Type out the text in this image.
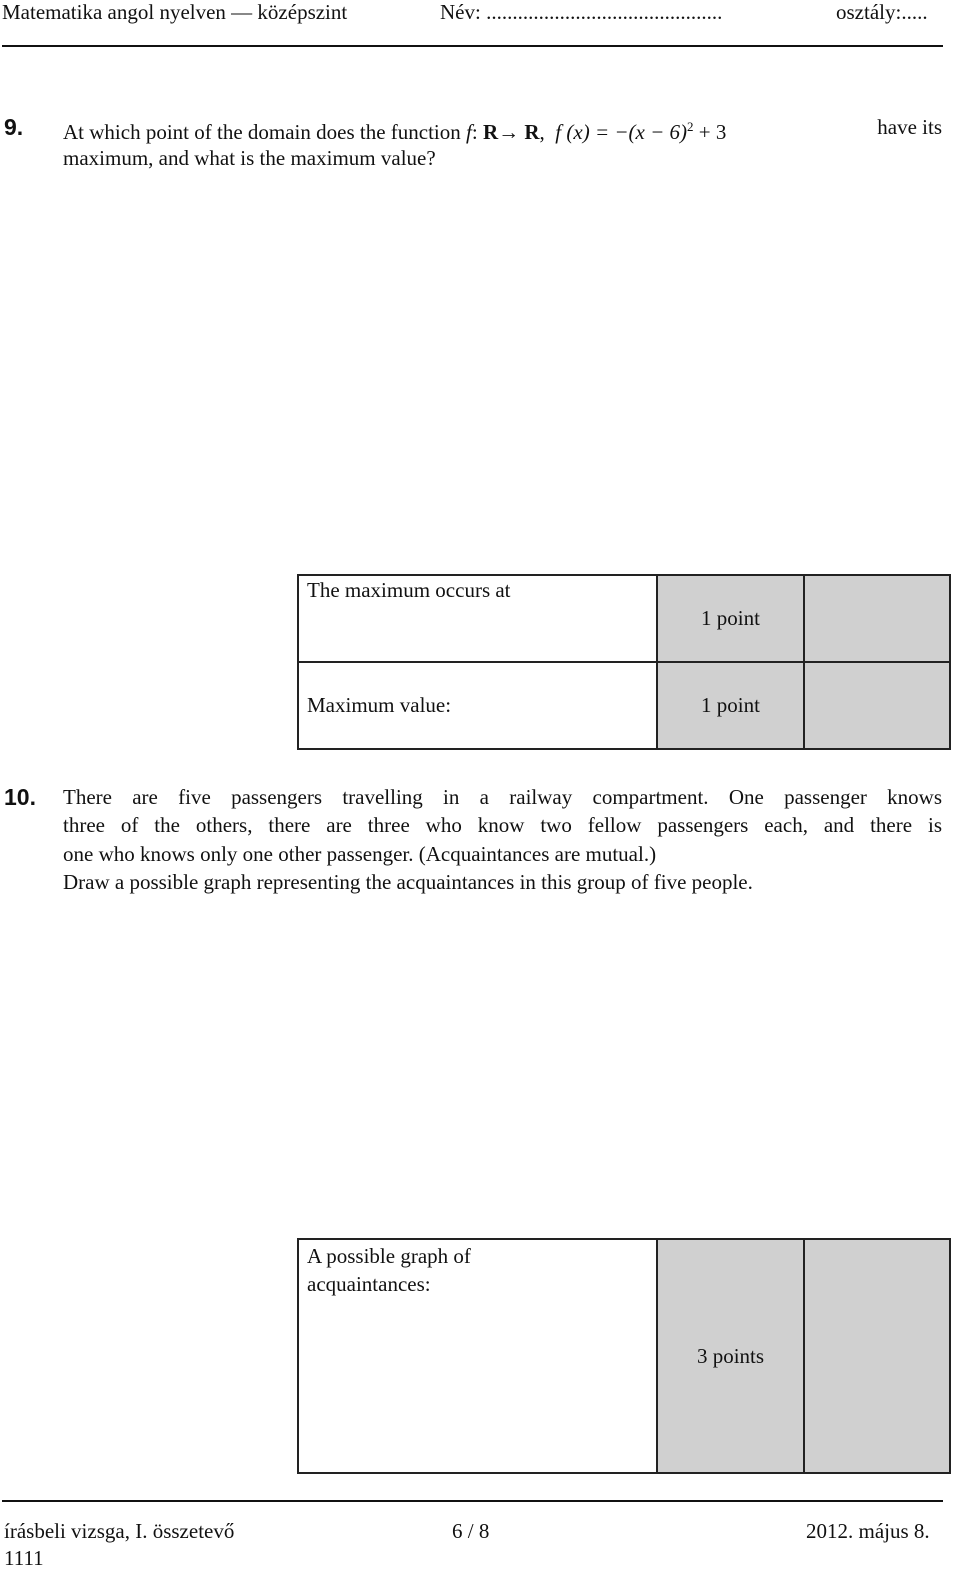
Matematika angol nyelven — középszint	Név: .............................................	osztály:.....
9. At which point of the domain does the function f: R→ R,  f $(x) = -(x - 6)^2 + 3$	have its
maximum, and what is the maximum value?
The maximum occurs at	1 point	

Maximum value:	1 point	
10. There are five passengers travelling in a railway compartment. One passenger knows
three of the others, there are three who know two fellow passengers each, and there is
one who knows only one other passenger. (Acquaintances are mutual.)
Draw a possible graph representing the acquaintances in this group of five people.
A possible graph of
acquaintances:
	3 points	
írásbeli vizsga, I. összetevő	6 / 8	2012. május 8.
1111
